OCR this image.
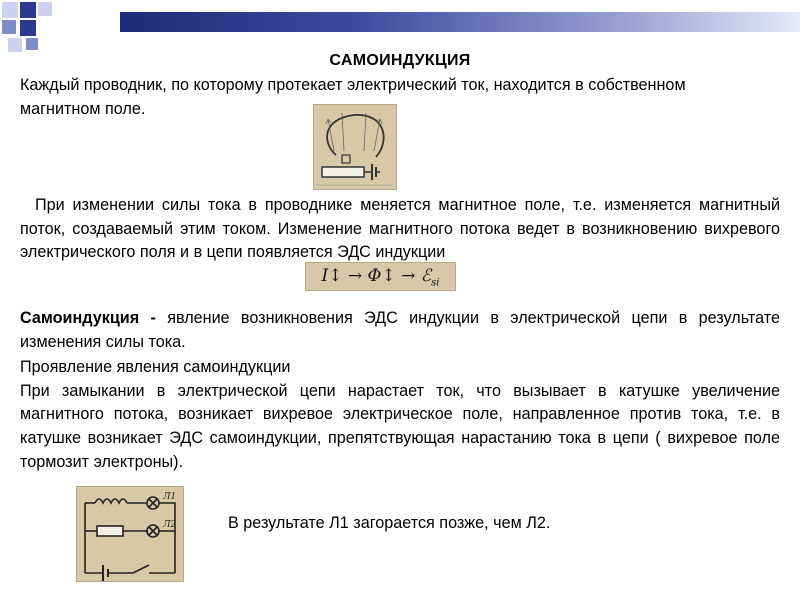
САМОИНДУКЦИЯ
Каждый проводник, по которому протекает электрический ток, находится в собственном магнитном поле.
При изменении силы тока в проводнике меняется магнитное поле, т.е. изменяется магнитный поток, создаваемый этим током. Изменение магнитного потока ведет в возникновению вихревого электрического поля и в цепи появляется ЭДС индукции
I↕ → Φ↕ → ℰ$_{si}$
Самоиндукция - явление возникновения ЭДС индукции в электрической цепи в результате изменения силы тока.
Проявление явления самоиндукции
При замыкании в электрической цепи нарастает ток, что вызывает в катушке увеличение магнитного потока, возникает вихревое электрическое поле, направленное против тока, т.е. в катушке возникает ЭДС самоиндукции, препятствующая нарастанию тока в цепи ( вихревое поле тормозит электроны).
Л1
Л2	В результате Л1 загорается позже, чем Л2.
